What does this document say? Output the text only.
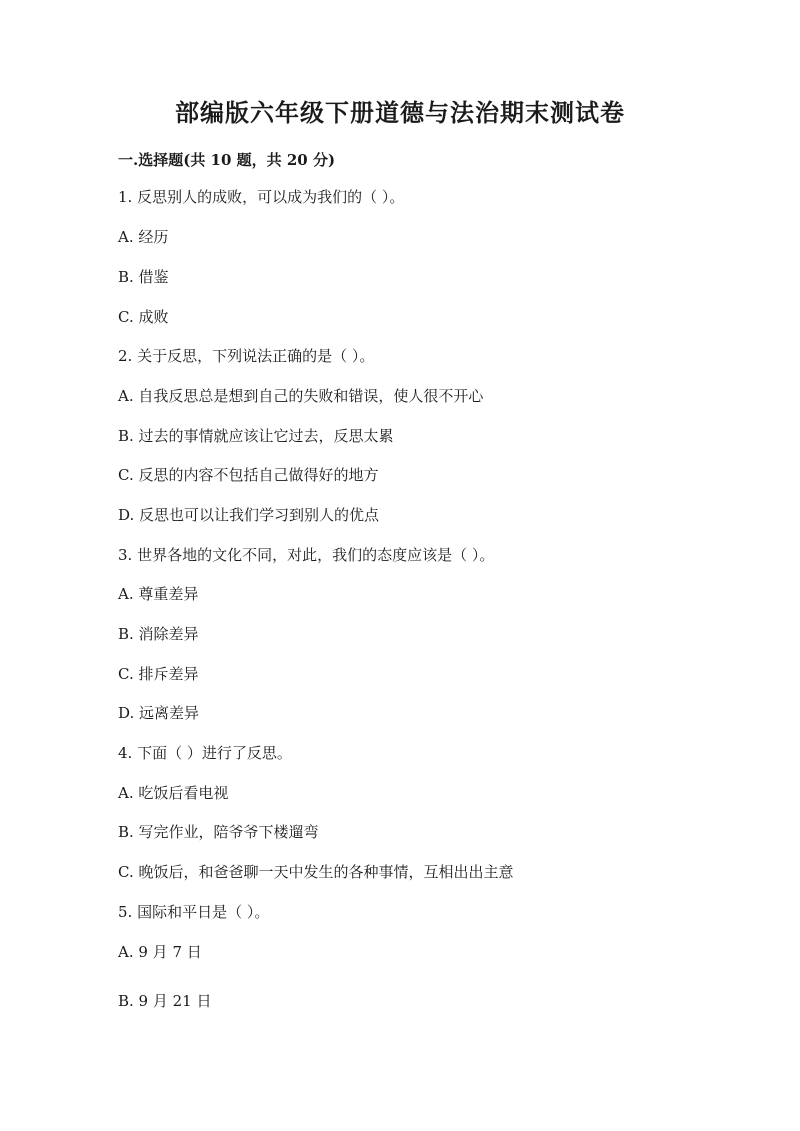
部编版六年级下册道德与法治期末测试卷
一.选择题(共 10 题，共 20 分)
1. 反思别人的成败，可以成为我们的（ ）。
A. 经历
B. 借鉴
C. 成败
2. 关于反思，下列说法正确的是（ ）。
A. 自我反思总是想到自己的失败和错误，使人很不开心
B. 过去的事情就应该让它过去，反思太累
C. 反思的内容不包括自己做得好的地方
D. 反思也可以让我们学习到别人的优点
3. 世界各地的文化不同，对此，我们的态度应该是（ ）。
A. 尊重差异
B. 消除差异
C. 排斥差异
D. 远离差异
4. 下面（ ）进行了反思。
A. 吃饭后看电视
B. 写完作业，陪爷爷下楼遛弯
C. 晚饭后，和爸爸聊一天中发生的各种事情，互相出出主意
5. 国际和平日是（ ）。
A. 9 月 7 日
B. 9 月 21 日
